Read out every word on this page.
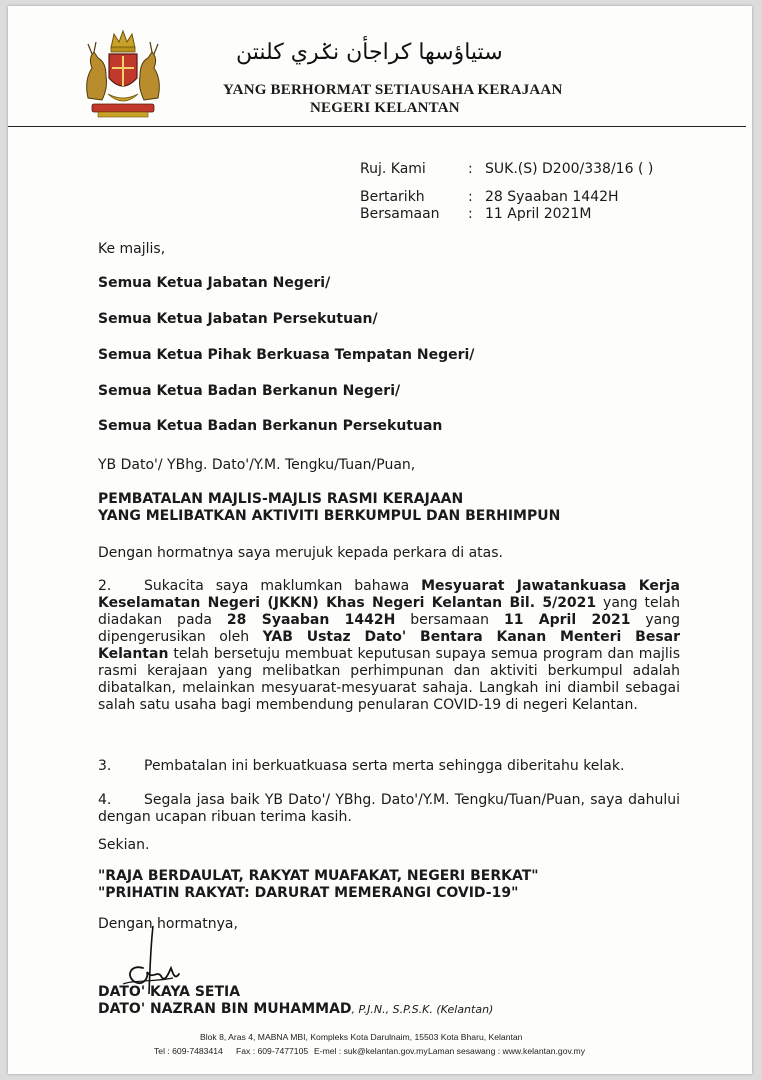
ستياؤسها كراجأن نݢري كلنتن
YANG BERHORMAT SETIAUSAHA KERAJAAN
NEGERI KELANTAN
Ruj. Kami	: SUK.(S) D200/338/16 ( )
Bertarikh	: 28 Syaaban 1442H
Bersamaan : 11 April 2021M
Ke majlis,
Semua Ketua Jabatan Negeri/
Semua Ketua Jabatan Persekutuan/
Semua Ketua Pihak Berkuasa Tempatan Negeri/
Semua Ketua Badan Berkanun Negeri/
Semua Ketua Badan Berkanun Persekutuan
YB Dato'/ YBhg. Dato'/Y.M. Tengku/Tuan/Puan,
PEMBATALAN MAJLIS-MAJLIS RASMI KERAJAAN
YANG MELIBATKAN AKTIVITI BERKUMPUL DAN BERHIMPUN
Dengan hormatnya saya merujuk kepada perkara di atas.
2. Sukacita saya maklumkan bahawa Mesyuarat Jawatankuasa Kerja Keselamatan Negeri (JKKN) Khas Negeri Kelantan Bil. 5/2021 yang telah diadakan pada 28 Syaaban 1442H bersamaan 11 April 2021 yang dipengerusikan oleh YAB Ustaz Dato' Bentara Kanan Menteri Besar Kelantan telah bersetuju membuat keputusan supaya semua program dan majlis rasmi kerajaan yang melibatkan perhimpunan dan aktiviti berkumpul adalah dibatalkan, melainkan mesyuarat-mesyuarat sahaja. Langkah ini diambil sebagai salah satu usaha bagi membendung penularan COVID-19 di negeri Kelantan.
3. Pembatalan ini berkuatkuasa serta merta sehingga diberitahu kelak.
4. Segala jasa baik YB Dato'/ YBhg. Dato'/Y.M. Tengku/Tuan/Puan, saya dahului dengan ucapan ribuan terima kasih.
Sekian.
"RAJA BERDAULAT, RAKYAT MUAFAKAT, NEGERI BERKAT"
"PRIHATIN RAKYAT: DARURAT MEMERANGI COVID-19"
Dengan hormatnya,
DATO' KAYA SETIA
DATO' NAZRAN BIN MUHAMMAD, P.J.N., S.P.S.K. (Kelantan)
Blok 8, Aras 4, MABNA MBI, Kompleks Kota Darulnaim, 15503 Kota Bharu, Kelantan
Tel : 609-7483414 Fax : 609-7477105 E-mel : suk@kelantan.gov.my Laman sesawang : www.kelantan.gov.my
